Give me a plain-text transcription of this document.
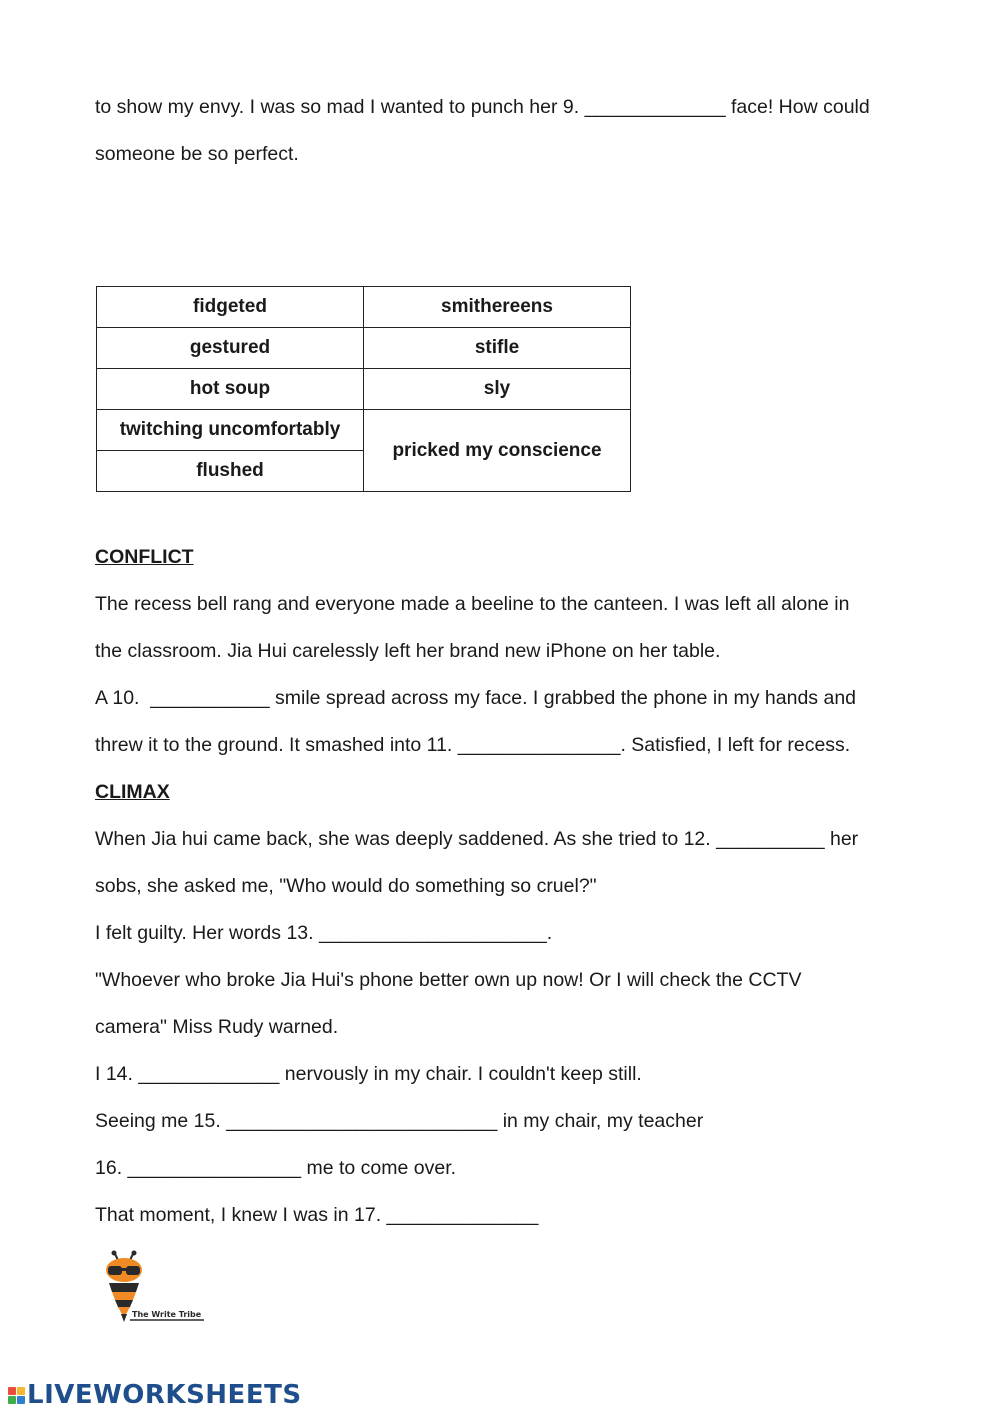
to show my envy. I was so mad I wanted to punch her 9. _____________ face! How could
someone be so perfect.
fidgeted	smithereens
gestured	stifle
hot soup	sly
twitching uncomfortably	pricked my conscience
flushed	
CONFLICT
The recess bell rang and everyone made a beeline to the canteen. I was left all alone in
the classroom. Jia Hui carelessly left her brand new iPhone on her table.
A 10.  ___________ smile spread across my face. I grabbed the phone in my hands and
threw it to the ground. It smashed into 11. _______________. Satisfied, I left for recess.
CLIMAX
When Jia hui came back, she was deeply saddened. As she tried to 12. __________ her
sobs, she asked me, "Who would do something so cruel?"
I felt guilty. Her words 13. _____________________.
"Whoever who broke Jia Hui's phone better own up now! Or I will check the CCTV
camera" Miss Rudy warned.
I 14. _____________ nervously in my chair. I couldn't keep still.
Seeing me 15. _________________________ in my chair, my teacher
16. ________________ me to come over.
That moment, I knew I was in 17. ______________
The Write Tribe
LIVEWORKSHEETS
